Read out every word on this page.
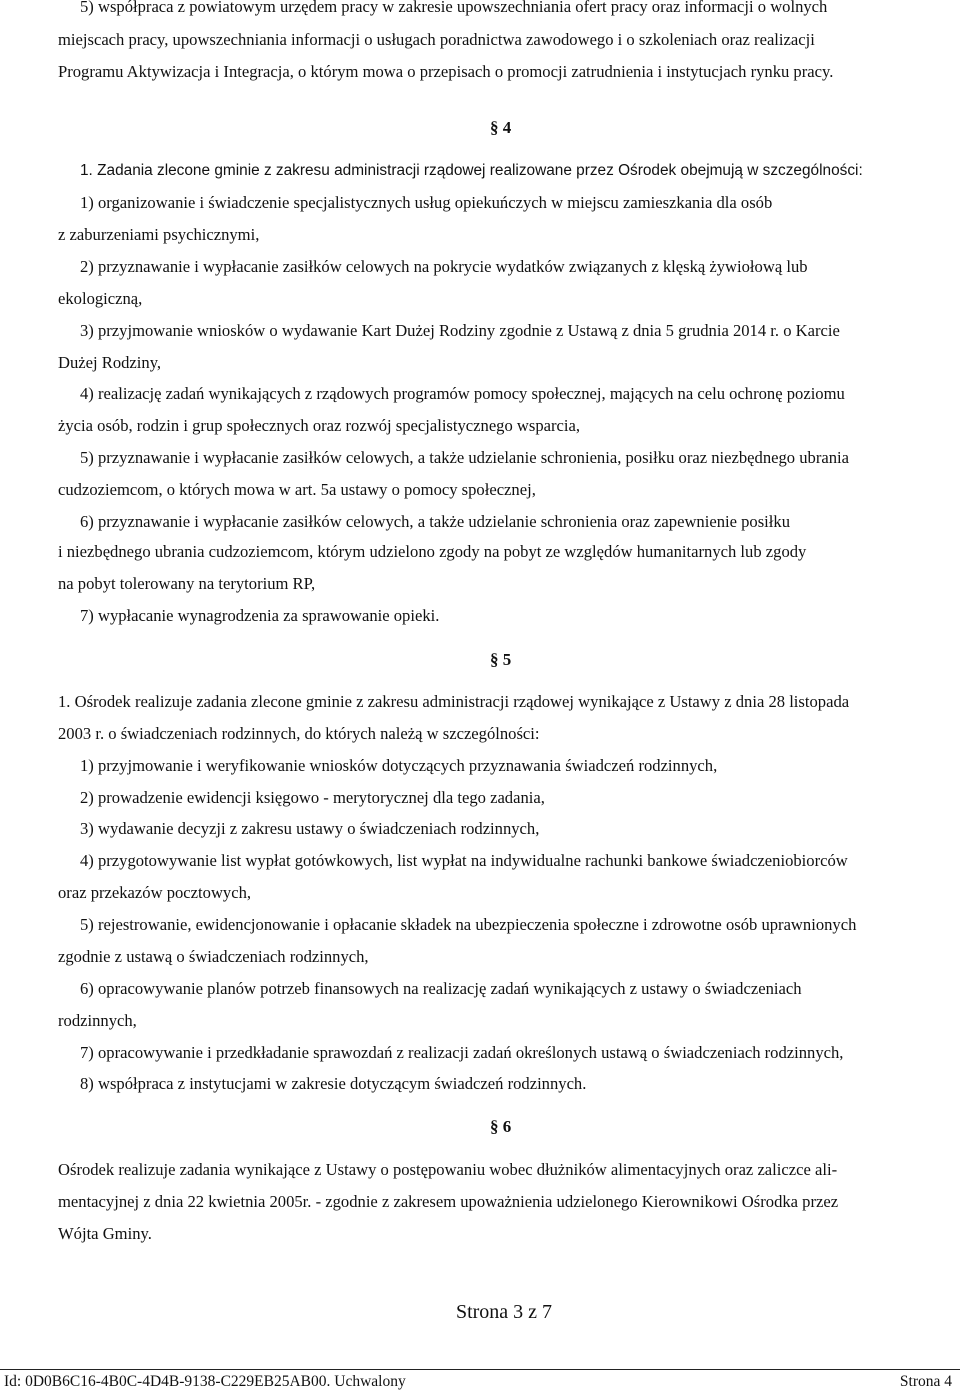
5) współpraca z powiatowym urzędem pracy w zakresie upowszechniania ofert pracy oraz informacji o wolnych
miejscach pracy, upowszechniania informacji o usługach poradnictwa zawodowego i o szkoleniach oraz realizacji
Programu Aktywizacja i Integracja, o którym mowa o przepisach o promocji zatrudnienia i instytucjach rynku pracy.
§ 4
1. Zadania zlecone gminie z zakresu administracji rządowej realizowane przez Ośrodek obejmują w szczególności:
1) organizowanie i świadczenie specjalistycznych usług opiekuńczych w miejscu zamieszkania dla osób
z zaburzeniami psychicznymi,
2) przyznawanie i wypłacanie zasiłków celowych na pokrycie wydatków związanych z klęską żywiołową lub
ekologiczną,
3) przyjmowanie wniosków o wydawanie Kart Dużej Rodziny zgodnie z Ustawą z dnia 5 grudnia 2014 r. o Karcie
Dużej Rodziny,
4) realizację zadań wynikających z rządowych programów pomocy społecznej, mających na celu ochronę poziomu
życia osób, rodzin i grup społecznych oraz rozwój specjalistycznego wsparcia,
5) przyznawanie i wypłacanie zasiłków celowych, a także udzielanie schronienia, posiłku oraz niezbędnego ubrania
cudzoziemcom, o których mowa w art. 5a ustawy o pomocy społecznej,
6) przyznawanie i wypłacanie zasiłków celowych, a także udzielanie schronienia oraz zapewnienie posiłku
i niezbędnego ubrania cudzoziemcom, którym udzielono zgody na pobyt ze względów humanitarnych lub zgody
na pobyt tolerowany na terytorium RP,
7) wypłacanie wynagrodzenia za sprawowanie opieki.
§ 5
1. Ośrodek realizuje zadania zlecone gminie z zakresu administracji rządowej wynikające z Ustawy z dnia 28 listopada
2003 r. o świadczeniach rodzinnych, do których należą w szczególności:
1) przyjmowanie i weryfikowanie wniosków dotyczących przyznawania świadczeń rodzinnych,
2) prowadzenie ewidencji księgowo - merytorycznej dla tego zadania,
3) wydawanie decyzji z zakresu ustawy o świadczeniach rodzinnych,
4) przygotowywanie list wypłat gotówkowych, list wypłat na indywidualne rachunki bankowe świadczeniobiorców
oraz przekazów pocztowych,
5) rejestrowanie, ewidencjonowanie i opłacanie składek na ubezpieczenia społeczne i zdrowotne osób uprawnionych
zgodnie z ustawą o świadczeniach rodzinnych,
6) opracowywanie planów potrzeb finansowych na realizację zadań wynikających z ustawy o świadczeniach
rodzinnych,
7) opracowywanie i przedkładanie sprawozdań z realizacji zadań określonych ustawą o świadczeniach rodzinnych,
8) współpraca z instytucjami w zakresie dotyczącym świadczeń rodzinnych.
§ 6
Ośrodek realizuje zadania wynikające z Ustawy o postępowaniu wobec dłużników alimentacyjnych oraz zaliczce ali-
mentacyjnej z dnia 22 kwietnia 2005r. - zgodnie z zakresem upoważnienia udzielonego Kierownikowi Ośrodka przez
Wójta Gminy.
Strona 3 z 7
Id: 0D0B6C16-4B0C-4D4B-9138-C229EB25AB00. Uchwalony	Strona 4
